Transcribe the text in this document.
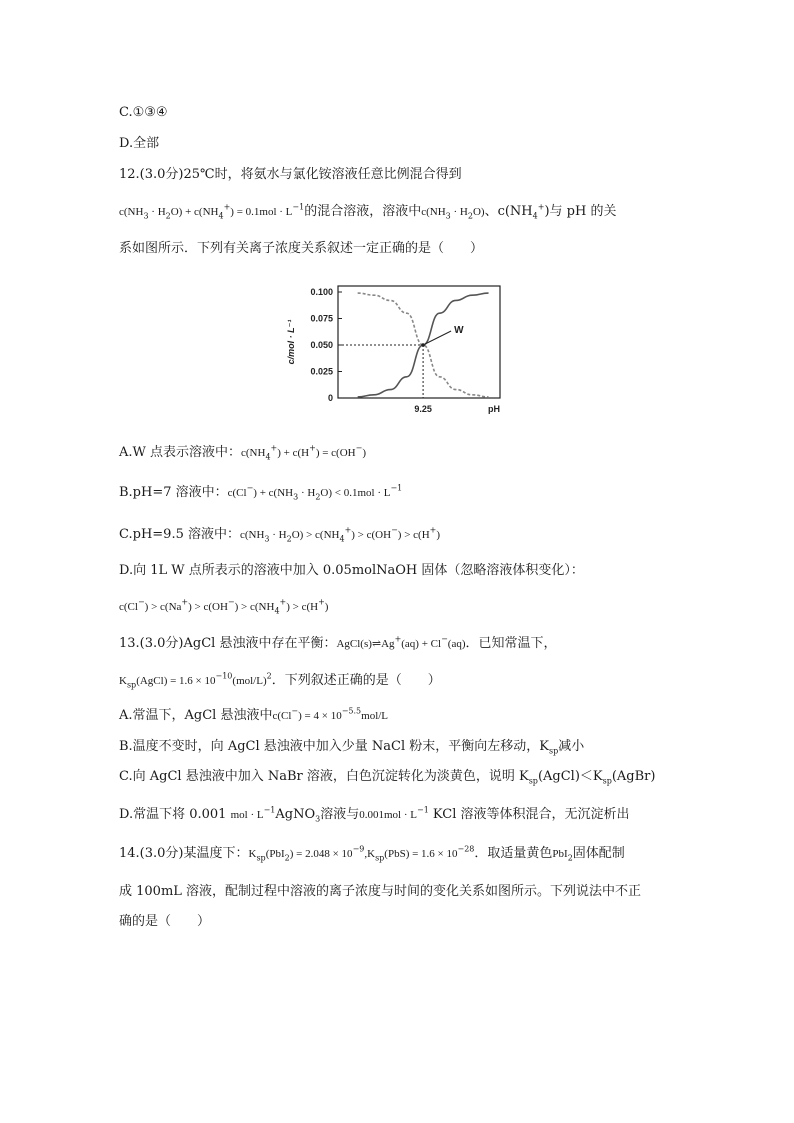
C.①③④
D.全部
12.(3.0分)25℃时，将氨水与氯化铵溶液任意比例混合得到
$c(NH_3 \cdot H_2O) + c(NH_4^+) = 0.1mol \cdot L^{-1}$的混合溶液，溶液中$c(NH_3 \cdot H_2O)$、$c(NH_4^+)$与 pH 的关
系如图所示．下列有关离子浓度关系叙述一定正确的是（　　）
0
0.025
0.050
0.075
0.100
c/mol · L⁻¹
pH
9.25
W
A.W 点表示溶液中：$c(NH_4^+) + c(H^+) = c(OH^-)$
B.pH=7 溶液中：$c(Cl^-) + c(NH_3 \cdot H_2O) < 0.1mol \cdot L^{-1}$
C.pH=9.5 溶液中：$c(NH_3 \cdot H_2O) > c(NH_4^+) > c(OH^-) > c(H^+)$
D.向 1L W 点所表示的溶液中加入 0.05molNaOH 固体（忽略溶液体积变化）：
$c(Cl^-) > c(Na^+) > c(OH^-) > c(NH_4^+) > c(H^+)$
13.(3.0分)AgCl 悬浊液中存在平衡：AgCl(s)⇌Ag+(aq) + Cl−(aq)．已知常温下，
$K_{sp}(AgCl) = 1.6 \times 10^{-10}(mol/L)^2$．下列叙述正确的是（　　）
A.常温下，AgCl 悬浊液中$c(Cl^-) = 4 \times 10^{-5.5}mol/L$
B.温度不变时，向 AgCl 悬浊液中加入少量 NaCl 粉末，平衡向左移动，$K_{sp}$减小
C.向 AgCl 悬浊液中加入 NaBr 溶液，白色沉淀转化为淡黄色，说明 $K_{sp}(AgCl)<K_{sp}(AgBr)$
D.常温下将 0.001 mol · $L^{-1}AgNO_3$溶液与$0.001mol \cdot L^{-1}$ KCl 溶液等体积混合，无沉淀析出
14.(3.0分)某温度下：$K_{sp}(PbI_2) = 2.048 \times 10^{-9},K_{sp}(PbS) = 1.6 \times 10^{-28}$．取适量黄色PbI$_2$固体配制
成 100mL 溶液，配制过程中溶液的离子浓度与时间的变化关系如图所示。下列说法中不正
确的是（　　）
